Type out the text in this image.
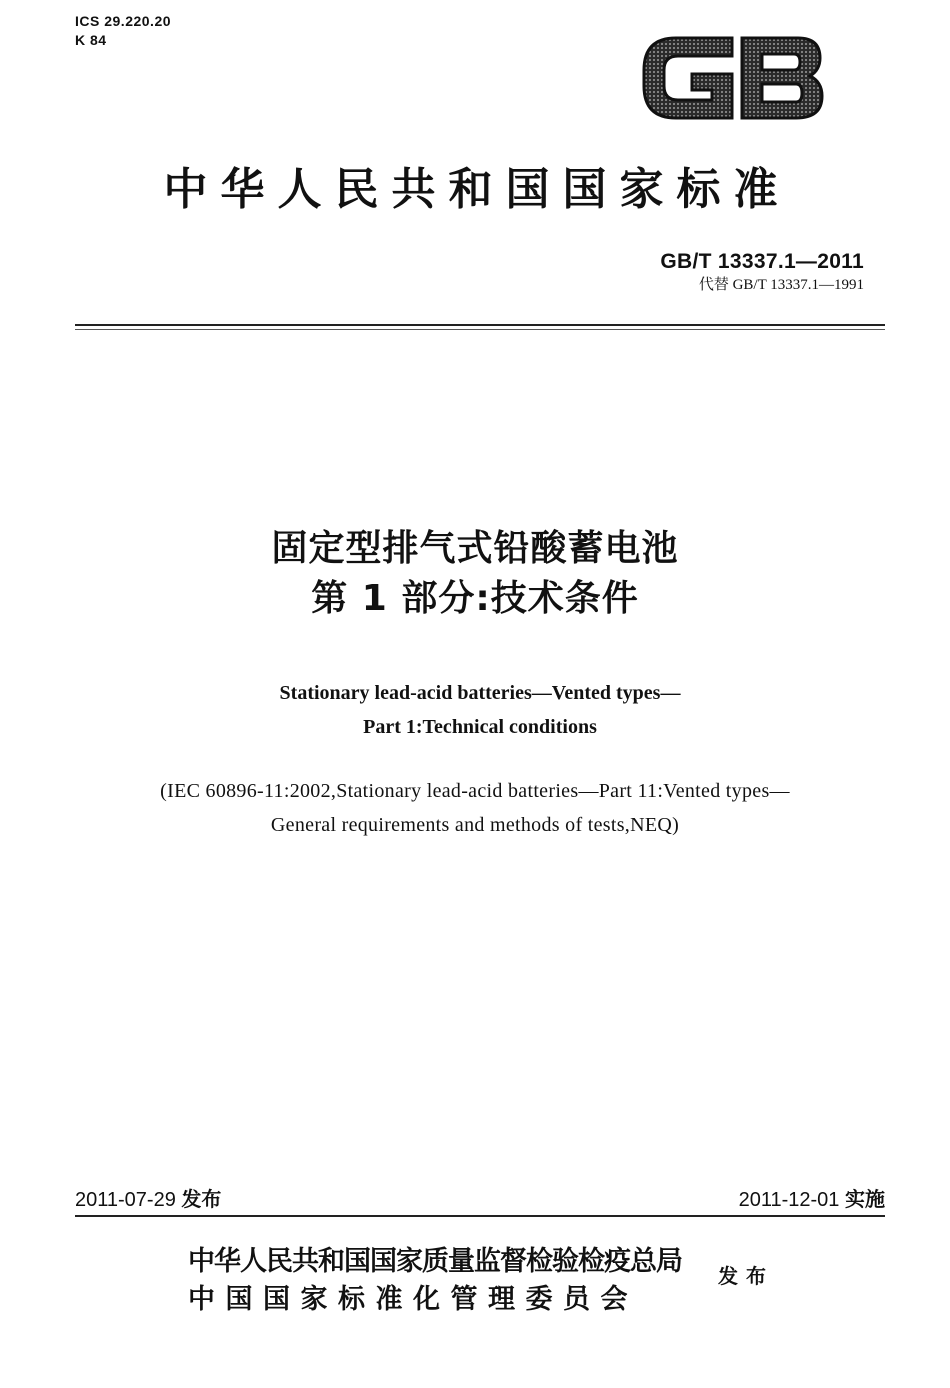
ICS 29.220.20
K 84
中华人民共和国国家标准
GB/T 13337.1—2011
代替 GB/T 13337.1—1991
固定型排气式铅酸蓄电池
第 1 部分:技术条件
Stationary lead-acid batteries—Vented types—
Part 1:Technical conditions
(IEC 60896-11:2002,Stationary lead-acid batteries—Part 11:Vented types—
General requirements and methods of tests,NEQ)
2011-07-29 发布	2011-12-01 实施
中华人民共和国国家质量监督检验检疫总局
中国国家标准化管理委员会
发布
